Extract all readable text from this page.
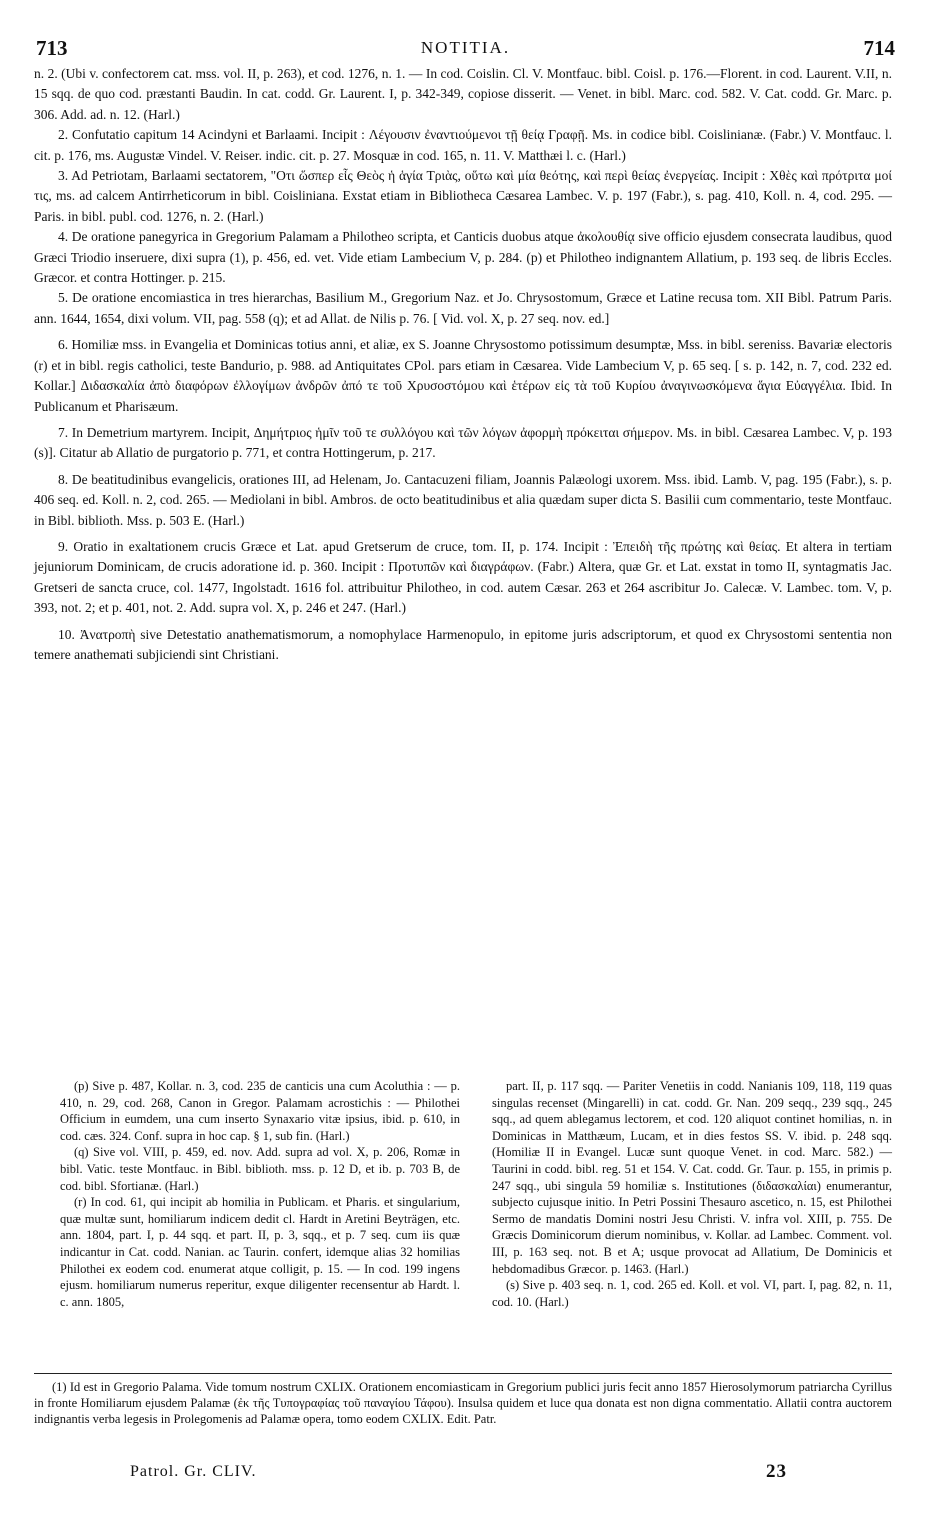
713	NOTITIA.	714

n. 2. (Ubi v. confectorem cat. mss. vol. II, p. 263), et cod. 1276, n. 1. — In cod. Coislin. Cl. V. Montfauc. bibl. Coisl. p. 176.—Florent. in cod. Laurent. V.II, n. 15 sqq. de quo cod. præstanti Baudin. In cat. codd. Gr. Laurent. I, p. 342-349, copiose disserit. — Venet. in bibl. Marc. cod. 582. V. Cat. codd. Gr. Marc. p. 306. Add. ad. n. 12. (Harl.)

2. Confutatio capitum 14 Acindyni et Barlaami. Incipit : Λέγουσιν ἐναντιούμενοι τῇ θείᾳ Γραφῇ. Ms. in codice bibl. Coislinianæ. (Fabr.) V. Montfauc. l. cit. p. 176, ms. Augustæ Vindel. V. Reiser. indic. cit. p. 27. Mosquæ in cod. 165, n. 11. V. Matthæi l. c. (Harl.)

3. Ad Petriotam, Barlaami sectatorem, "Οτι ὥσπερ εἷς Θεὸς ἡ ἁγία Τριὰς, οὕτω καὶ μία θεότης, καὶ περὶ θείας ἐνεργείας. Incipit : Χθὲς καὶ πρότριτα μοί τις, ms. ad calcem Antirrheticorum in bibl. Coisliniana. Exstat etiam in Bibliotheca Cæsarea Lambec. V. p. 197 (Fabr.), s. pag. 410, Koll. n. 4, cod. 295. — Paris. in bibl. publ. cod. 1276, n. 2. (Harl.)

4. De oratione panegyrica in Gregorium Palamam a Philotheo scripta, et Canticis duobus atque ἀκολουθίᾳ sive officio ejusdem consecrata laudibus, quod Græci Triodio inseruere, dixi supra (1), p. 456, ed. vet. Vide etiam Lambecium V, p. 284. (p) et Philotheo indignantem Allatium, p. 193 seq. de libris Eccles. Græcor. et contra Hottinger. p. 215.

5. De oratione encomiastica in tres hierarchas, Basilium M., Gregorium Naz. et Jo. Chrysostomum, Græce et Latine recusa tom. XII Bibl. Patrum Paris. ann. 1644, 1654, dixi volum. VII, pag. 558 (q); et ad Allat. de Nilis p. 76. [ Vid. vol. X, p. 27 seq. nov. ed.]

6. Homiliæ mss. in Evangelia et Dominicas totius anni, et aliæ, ex S. Joanne Chrysostomo potissimum desumptæ, Mss. in bibl. sereniss. Bavariæ electoris (r) et in bibl. regis catholici, teste Bandurio, p. 988. ad Antiquitates CPol. pars etiam in Cæsarea. Vide Lambecium V, p. 65 seq. [ s. p. 142, n. 7, cod. 232 ed. Kollar.] Διδασκαλία ἀπὸ διαφόρων ἐλλογίμων ἀνδρῶν ἀπό τε τοῦ Χρυσοστόμου καὶ ἑτέρων εἰς τὰ τοῦ Κυρίου ἀναγινωσκόμενα ἅγια Εὐαγγέλια. Ibid. In Publicanum et Pharisæum.

7. In Demetrium martyrem. Incipit, Δημήτριος ἡμῖν τοῦ τε συλλόγου καὶ τῶν λόγων ἀφορμὴ πρόκειται σήμερον. Ms. in bibl. Cæsarea Lambec. V, p. 193 (s)]. Citatur ab Allatio de purgatorio p. 771, et contra Hottingerum, p. 217.

8. De beatitudinibus evangelicis, orationes III, ad Helenam, Jo. Cantacuzeni filiam, Joannis Palæologi uxorem. Mss. ibid. Lamb. V, pag. 195 (Fabr.), s. p. 406 seq. ed. Koll. n. 2, cod. 265. — Mediolani in bibl. Ambros. de octo beatitudinibus et alia quædam super dicta S. Basilii cum commentario, teste Montfauc. in Bibl. biblioth. Mss. p. 503 E. (Harl.)

9. Oratio in exaltationem crucis Græce et Lat. apud Gretserum de cruce, tom. II, p. 174. Incipit : Ἐπειδὴ τῆς πρώτης καὶ θείας. Et altera in tertiam jejuniorum Dominicam, de crucis adoratione id. p. 360. Incipit : Προτυπῶν καὶ διαγράφων. (Fabr.) Altera, quæ Gr. et Lat. exstat in tomo II, syntagmatis Jac. Gretseri de sancta cruce, col. 1477, Ingolstadt. 1616 fol. attribuitur Philotheo, in cod. autem Cæsar. 263 et 264 ascribitur Jo. Calecæ. V. Lambec. tom. V, p. 393, not. 2; et p. 401, not. 2. Add. supra vol. X, p. 246 et 247. (Harl.)

10. Ἀνατροπὴ sive Detestatio anathematismorum, a nomophylace Harmenopulo, in epitome juris adscriptorum, et quod ex Chrysostomi sententia non temere anathemati subjiciendi sint Christiani.

(p) Sive p. 487, Kollar. n. 3, cod. 235 de canticis una cum Acoluthia : — p. 410, n. 29, cod. 268, Canon in Gregor. Palamam acrostichis : — Philothei Officium in eumdem, una cum inserto Synaxario vitæ ipsius, ibid. p. 610, in cod. cæs. 324. Conf. supra in hoc cap. § 1, sub fin. (Harl.)

(q) Sive vol. VIII, p. 459, ed. nov. Add. supra ad vol. X, p. 206, Romæ in bibl. Vatic. teste Montfauc. in Bibl. biblioth. mss. p. 12 D, et ib. p. 703 B, de cod. bibl. Sfortianæ. (Harl.)

(r) In cod. 61, qui incipit ab homilia in Publicam. et Pharis. et singularium, quæ multæ sunt, homiliarum indicem dedit cl. Hardt in Aretini Beyträgen, etc. ann. 1804, part. I, p. 44 sqq. et part. II, p. 3, sqq., et p. 7 seq. cum iis quæ indicantur in Cat. codd. Nanian. ac Taurin. confert, idemque alias 32 homilias Philothei ex eodem cod. enumerat atque colligit, p. 15. — In cod. 199 ingens ejusm. homiliarum numerus reperitur, exque diligenter recensentur ab Hardt. l. c. ann. 1805,

part. II, p. 117 sqq. — Pariter Venetiis in codd. Nanianis 109, 118, 119 quas singulas recenset (Mingarelli) in cat. codd. Gr. Nan. 209 seqq., 239 sqq., 245 sqq., ad quem ablegamus lectorem, et cod. 120 aliquot continet homilias, n. in Dominicas in Matthæum, Lucam, et in dies festos SS. V. ibid. p. 248 sqq. (Homiliæ II in Evangel. Lucæ sunt quoque Venet. in cod. Marc. 582.) — Taurini in codd. bibl. reg. 51 et 154. V. Cat. codd. Gr. Taur. p. 155, in primis p. 247 sqq., ubi singula 59 homiliæ s. Institutiones (διδασκαλίαι) enumerantur, subjecto cujusque initio. In Petri Possini Thesauro ascetico, n. 15, est Philothei Sermo de mandatis Domini nostri Jesu Christi. V. infra vol. XIII, p. 755. De Græcis Dominicorum dierum nominibus, v. Kollar. ad Lambec. Comment. vol. III, p. 163 seq. not. B et A; usque provocat ad Allatium, De Dominicis et hebdomadibus Græcor. p. 1463. (Harl.)

(s) Sive p. 403 seq. n. 1, cod. 265 ed. Koll. et vol. VI, part. I, pag. 82, n. 11, cod. 10. (Harl.)

(1) Id est in Gregorio Palama. Vide tomum nostrum CXLIX. Orationem encomiasticam in Gregorium publici juris fecit anno 1857 Hierosolymorum patriarcha Cyrillus in fronte Homiliarum ejusdem Palamæ (ἐκ τῆς Τυπογραφίας τοῦ παναγίου Τάφου). Insulsa quidem et luce qua donata est non digna commentatio. Allatii contra auctorem indignantis verba legesis in Prolegomenis ad Palamæ opera, tomo eodem CXLIX. Edit. Patr.

Patrol. Gr. CLIV.	23
